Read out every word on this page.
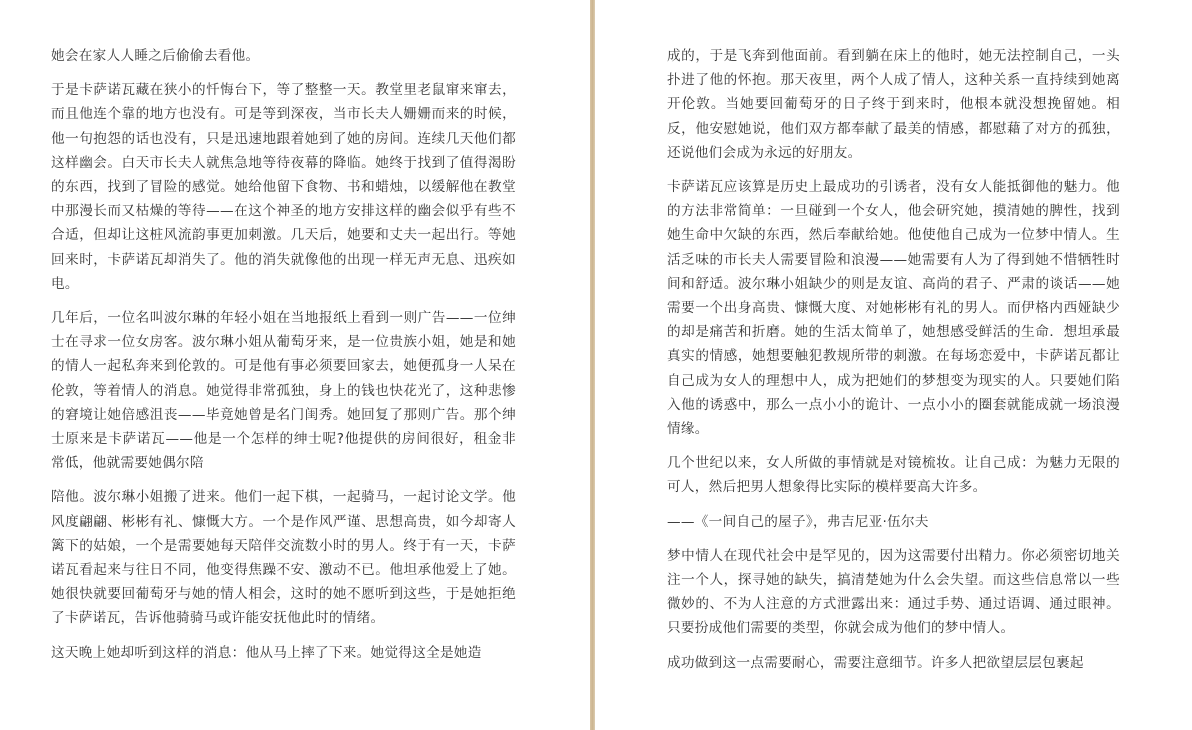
她会在家人人睡之后偷偷去看他。

于是卡萨诺瓦藏在狭小的忏悔台下，等了整整一天。教堂里老鼠窜来窜去，而且他连个靠的地方也没有。可是等到深夜，当市长夫人姗姗而来的时候，他一句抱怨的话也没有，只是迅速地跟着她到了她的房间。连续几天他们都这样幽会。白天市长夫人就焦急地等待夜幕的降临。她终于找到了值得渴盼的东西，找到了冒险的感觉。她给他留下食物、书和蜡烛，以缓解他在教堂中那漫长而又枯燥的等待——在这个神圣的地方安排这样的幽会似乎有些不合适，但却让这桩风流韵事更加刺激。几天后，她要和丈夫一起出行。等她回来时，卡萨诺瓦却消失了。他的消失就像他的出现一样无声无息、迅疾如电。

几年后，一位名叫波尔琳的年轻小姐在当地报纸上看到一则广告——一位绅士在寻求一位女房客。波尔琳小姐从葡萄牙来，是一位贵族小姐，她是和她的情人一起私奔来到伦敦的。可是他有事必须要回家去，她便孤身一人呆在伦敦，等着情人的消息。她觉得非常孤独，身上的钱也快花光了，这种悲惨的窘境让她倍感沮丧——毕竟她曾是名门闺秀。她回复了那则广告。那个绅士原来是卡萨诺瓦——他是一个怎样的绅士呢?他提供的房间很好，租金非常低，他就需要她偶尔陪

陪他。波尔琳小姐搬了进来。他们一起下棋，一起骑马，一起讨论文学。他风度翩翩、彬彬有礼、慷慨大方。一个是作风严谨、思想高贵，如今却寄人篱下的姑娘，一个是需要她每天陪伴交流数小时的男人。终于有一天，卡萨诺瓦看起来与往日不同，他变得焦躁不安、激动不已。他坦承他爱上了她。她很快就要回葡萄牙与她的情人相会，这时的她不愿听到这些，于是她拒绝了卡萨诺瓦，告诉他骑骑马或许能安抚他此时的情绪。

这天晚上她却听到这样的消息：他从马上摔了下来。她觉得这全是她造

成的，于是飞奔到他面前。看到躺在床上的他时，她无法控制自己，一头扑进了他的怀抱。那天夜里，两个人成了情人，这种关系一直持续到她离开伦敦。当她要回葡萄牙的日子终于到来时，他根本就没想挽留她。相反，他安慰她说，他们双方都奉献了最美的情感，都慰藉了对方的孤独，还说他们会成为永远的好朋友。

卡萨诺瓦应该算是历史上最成功的引诱者，没有女人能抵御他的魅力。他的方法非常简单：一旦碰到一个女人，他会研究她，摸清她的脾性，找到她生命中欠缺的东西，然后奉献给她。他使他自己成为一位梦中情人。生活乏味的市长夫人需要冒险和浪漫——她需要有人为了得到她不惜牺牲时间和舒适。波尔琳小姐缺少的则是友谊、高尚的君子、严肃的谈话——她需要一个出身高贵、慷慨大度、对她彬彬有礼的男人。而伊格内西娅缺少的却是痛苦和折磨。她的生活太简单了，她想感受鲜活的生命．想坦承最真实的情感，她想要触犯教规所带的刺激。在每场恋爱中，卡萨诺瓦都让自己成为女人的理想中人，成为把她们的梦想变为现实的人。只要她们陷入他的诱惑中，那么一点小小的诡计、一点小小的圈套就能成就一场浪漫情缘。

几个世纪以来，女人所做的事情就是对镜梳妆。让自己成：为魅力无限的可人，然后把男人想象得比实际的模样要高大许多。

——《一间自己的屋子》，弗吉尼亚·伍尔夫

梦中情人在现代社会中是罕见的，因为这需要付出精力。你必须密切地关注一个人，探寻她的缺失，搞清楚她为什么会失望。而这些信息常以一些微妙的、不为人注意的方式泄露出来：通过手势、通过语调、通过眼神。只要扮成他们需要的类型，你就会成为他们的梦中情人。

成功做到这一点需要耐心，需要注意细节。许多人把欲望层层包裹起
